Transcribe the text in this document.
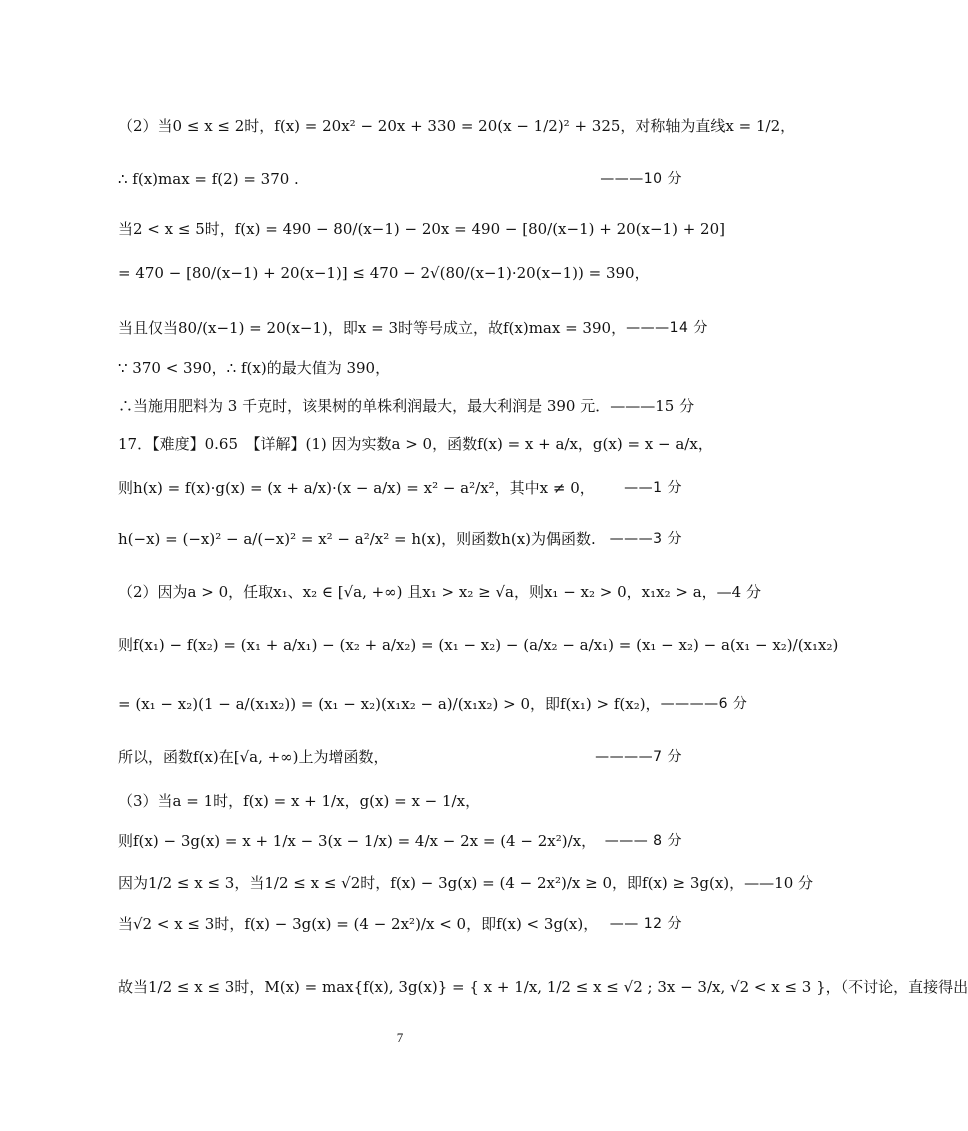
（2）当0 ≤ x ≤ 2时，f(x) = 20x² − 20x + 330 = 20(x − 1/2)² + 325，对称轴为直线x = 1/2，
∴ f(x)max = f(2) = 370 .	———10 分
当2 < x ≤ 5时，f(x) = 490 − 80/(x−1) − 20x = 490 − [80/(x−1) + 20(x−1) + 20]
= 470 − [80/(x−1) + 20(x−1)] ≤ 470 − 2√(80/(x−1)·20(x−1)) = 390，
当且仅当80/(x−1) = 20(x−1)，即x = 3时等号成立，故f(x)max = 390， ———14 分
∵ 370 < 390，∴ f(x)的最大值为 390，
∴当施用肥料为 3 千克时，该果树的单株利润最大，最大利润是 390 元．———15 分
17．【难度】0.65　【详解】(1) 因为实数a > 0，函数f(x) = x + a/x，g(x) = x − a/x，
则h(x) = f(x)·g(x) = (x + a/x)·(x − a/x) = x² − a²/x²，其中x ≠ 0， ——1 分
h(−x) = (−x)² − a/(−x)² = x² − a²/x² = h(x)，则函数h(x)为偶函数. ———3 分
（2）因为a > 0，任取x₁、x₂ ∈ [√a, +∞) 且x₁ > x₂ ≥ √a，则x₁ − x₂ > 0，x₁x₂ > a，—4 分
则f(x₁) − f(x₂) = (x₁ + a/x₁) − (x₂ + a/x₂) = (x₁ − x₂) − (a/x₂ − a/x₁) = (x₁ − x₂) − a(x₁ − x₂)/(x₁x₂)
= (x₁ − x₂)(1 − a/(x₁x₂)) = (x₁ − x₂)(x₁x₂ − a)/(x₁x₂) > 0，即f(x₁) > f(x₂)， ————6 分
所以，函数f(x)在[√a, +∞)上为增函数，	————7 分
（3）当a = 1时，f(x) = x + 1/x，g(x) = x − 1/x，
则f(x) − 3g(x) = x + 1/x − 3(x − 1/x) = 4/x − 2x = (4 − 2x²)/x， ——— 8 分
因为1/2 ≤ x ≤ 3，当1/2 ≤ x ≤ √2时，f(x) − 3g(x) = (4 − 2x²)/x ≥ 0，即f(x) ≥ 3g(x)，——10 分
当√2 < x ≤ 3时，f(x) − 3g(x) = (4 − 2x²)/x < 0，即f(x) < 3g(x)， —— 12 分
故当1/2 ≤ x ≤ 3时，M(x) = max{f(x), 3g(x)} = { x + 1/x, 1/2 ≤ x ≤ √2 ; 3x − 3/x, √2 < x ≤ 3 }，（不讨论，直接得出
7
